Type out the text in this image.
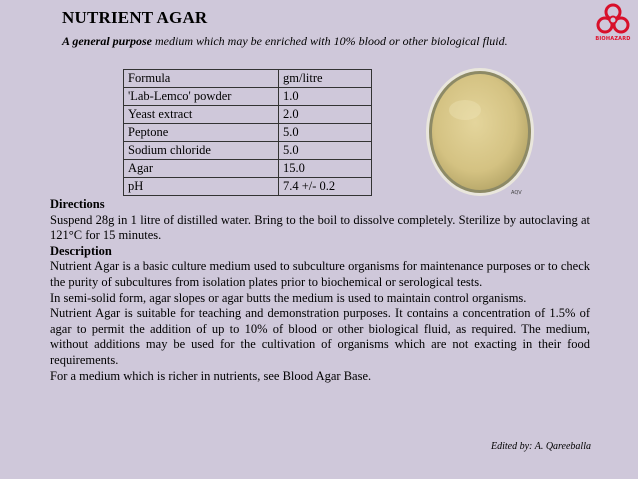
NUTRIENT AGAR
A general purpose medium which may be enriched with 10% blood or other biological fluid.	BIOHAZARD
Formula	gm/litre
'Lab-Lemco' powder	1.0
Yeast extract	2.0
Peptone	5.0
Sodium chloride	5.0
Agar	15.0
pH	7.4 +/- 0.2	AQV

Directions

Suspend 28g in 1 litre of distilled water. Bring to the boil to dissolve completely. Sterilize by autoclaving at 121°C for 15 minutes.

Description

Nutrient Agar is a basic culture medium used to subculture organisms for maintenance purposes or to check the purity of subcultures from isolation plates prior to biochemical or serological tests.

In semi-solid form, agar slopes or agar butts the medium is used to maintain control organisms.

Nutrient Agar is suitable for teaching and demonstration purposes. It contains a concentration of 1.5% of agar to permit the addition of up to 10% of blood or other biological fluid, as required. The medium, without additions may be used for the cultivation of organisms which are not exacting in their food requirements.

For a medium which is richer in nutrients, see Blood Agar Base.

Edited by: A. Qareeballa
